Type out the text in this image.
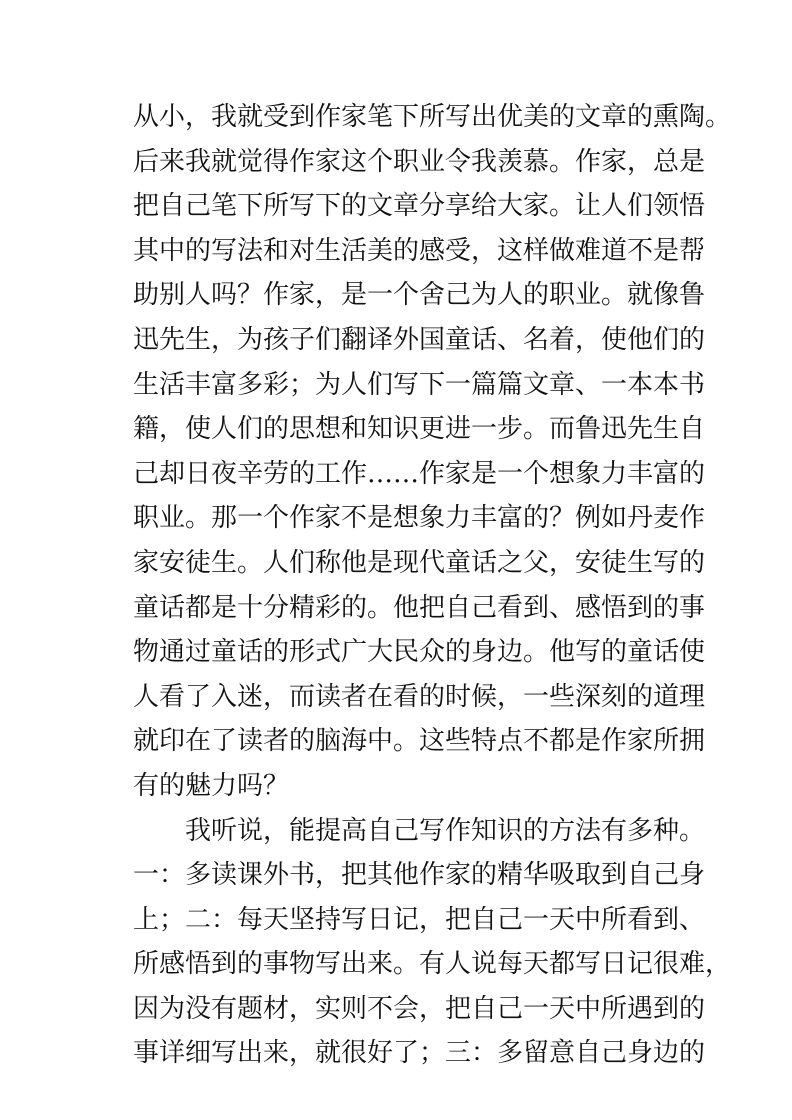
从小，我就受到作家笔下所写出优美的文章的熏陶。
后来我就觉得作家这个职业令我羡慕。作家，总是
把自己笔下所写下的文章分享给大家。让人们领悟
其中的写法和对生活美的感受，这样做难道不是帮
助别人吗？作家，是一个舍己为人的职业。就像鲁
迅先生，为孩子们翻译外国童话、名着，使他们的
生活丰富多彩；为人们写下一篇篇文章、一本本书
籍，使人们的思想和知识更进一步。而鲁迅先生自
己却日夜辛劳的工作……作家是一个想象力丰富的
职业。那一个作家不是想象力丰富的？例如丹麦作
家安徒生。人们称他是现代童话之父，安徒生写的
童话都是十分精彩的。他把自己看到、感悟到的事
物通过童话的形式广大民众的身边。他写的童话使
人看了入迷，而读者在看的时候，一些深刻的道理
就印在了读者的脑海中。这些特点不都是作家所拥
有的魅力吗？
我听说，能提高自己写作知识的方法有多种。
一：多读课外书，把其他作家的精华吸取到自己身
上；二：每天坚持写日记，把自己一天中所看到、
所感悟到的事物写出来。有人说每天都写日记很难，
因为没有题材，实则不会，把自己一天中所遇到的
事详细写出来，就很好了；三：多留意自己身边的
